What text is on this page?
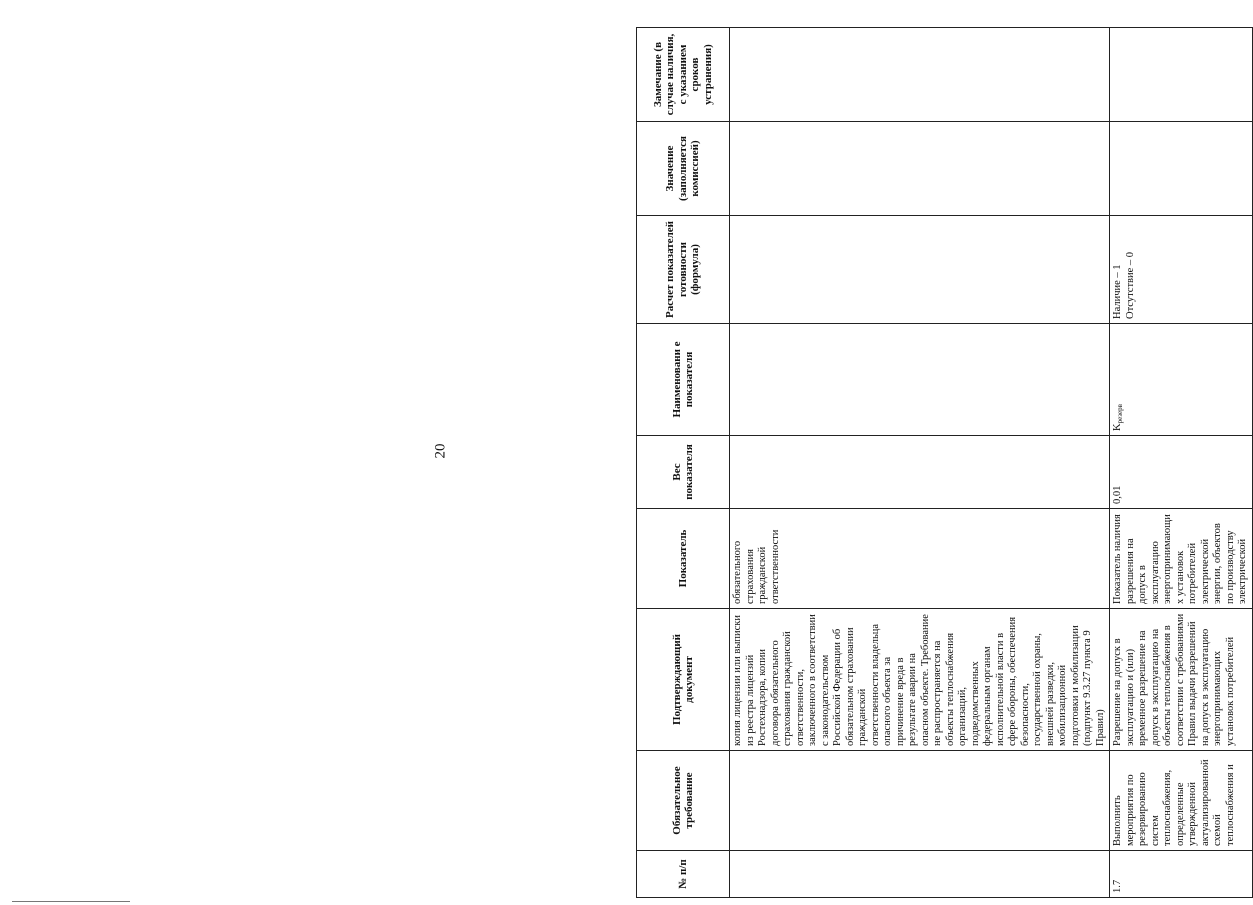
20
№ п/п	Обязательное требование	Подтверждающий документ	Показатель	Вес показателя	Наименовани е показателя	Расчет показателей готовности (формула)	Значение (заполняется комиссией)	Замечание (в случае наличия, с указанием сроков устранения)
		копия лицензии или выписки из реестра лицензий Ростехнадзора, копии договора обязательного страхования гражданской ответственности, заключенного в соответствии с законодательством Российской Федерации об обязательном страховании гражданской ответственности владельца опасного объекта за причинение вреда в результате аварии на опасном объекте. Требование не распространяется на объекты теплоснабжения организаций, подведомственных федеральным органам исполнительной власти в сфере обороны, обеспечения безопасности, государственной охраны, внешней разведки, мобилизационной подготовки и мобилизации (подпункт 9.3.27 пункта 9 Правил)	обязательного страхования гражданской ответственности					
1.7	Выполнить мероприятия по резервированию систем теплоснабжения, определенные утвержденной актуализированной схемой теплоснабжения и	Разрешение на допуск в эксплуатацию и (или) временное разрешение на допуск в эксплуатацию на объекты теплоснабжения в соответствии с требованиями Правил выдачи разрешений на допуск в эксплуатацию энергопринимающих установок потребителей	Показатель наличия разрешения на допуск в эксплуатацию энергопринимающих установок потребителей электрической энергии, объектов по производству электрической	0,01	$K_{резерв}$	Наличие – 1 Отсутствие – 0		
